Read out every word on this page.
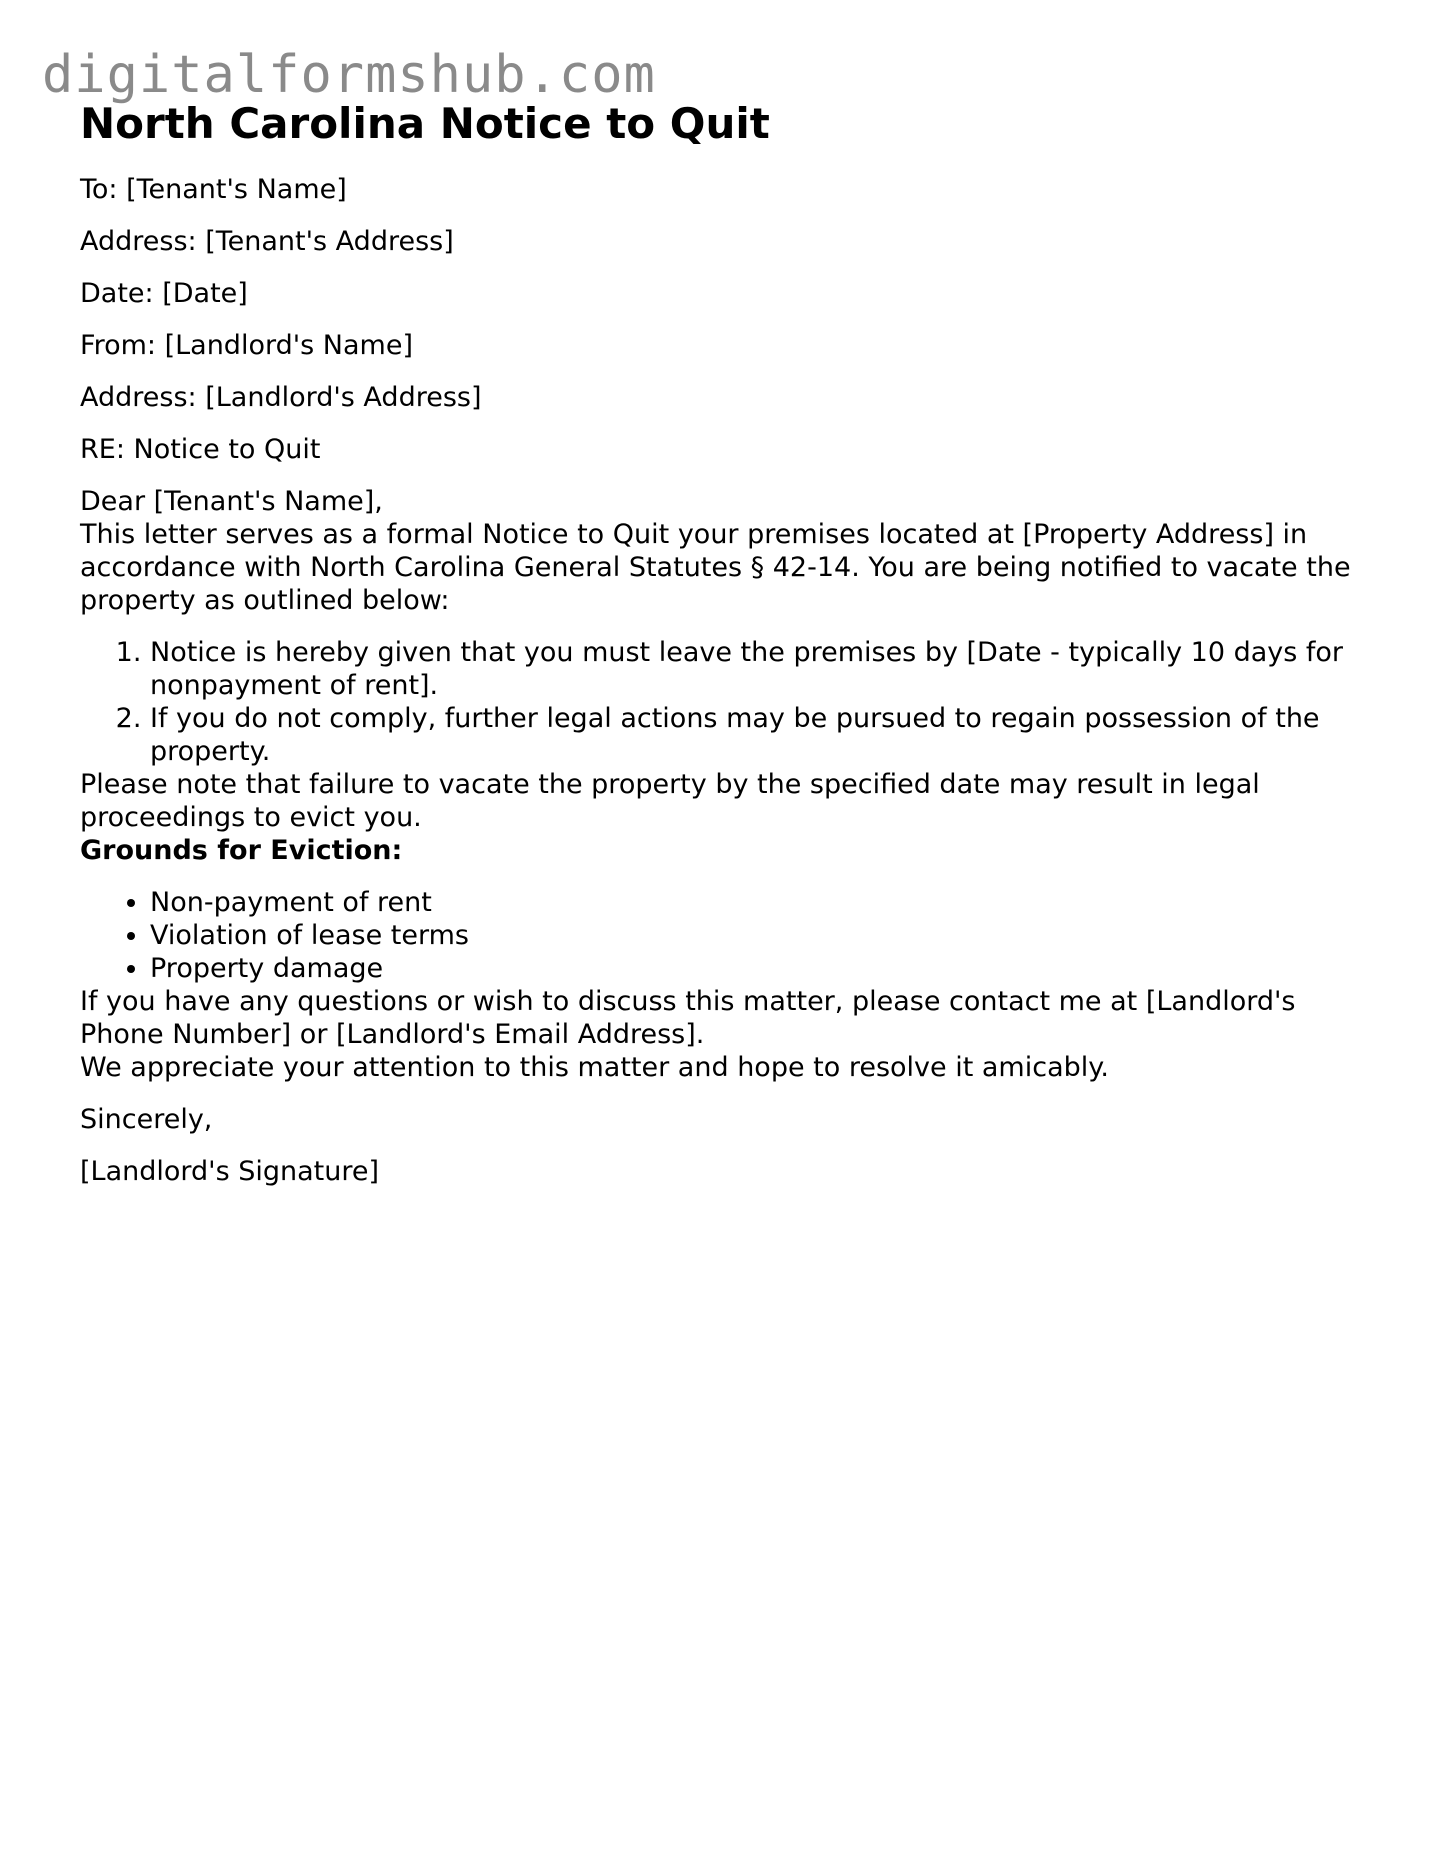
digitalformshub.com
North Carolina Notice to Quit

To: [Tenant's Name]

Address: [Tenant's Address]

Date: [Date]

From: [Landlord's Name]

Address: [Landlord's Address]

RE: Notice to Quit

Dear [Tenant's Name],

This letter serves as a formal Notice to Quit your premises located at [Property Address] in accordance with North Carolina General Statutes § 42-14. You are being notified to vacate the property as outlined below:

1. Notice is hereby given that you must leave the premises by [Date - typically 10 days for nonpayment of rent].
2. If you do not comply, further legal actions may be pursued to regain possession of the property.

Please note that failure to vacate the property by the specified date may result in legal proceedings to evict you.

Grounds for Eviction:

• Non-payment of rent
• Violation of lease terms
• Property damage

If you have any questions or wish to discuss this matter, please contact me at [Landlord's Phone Number] or [Landlord's Email Address].

We appreciate your attention to this matter and hope to resolve it amicably.

Sincerely,

[Landlord's Signature]
